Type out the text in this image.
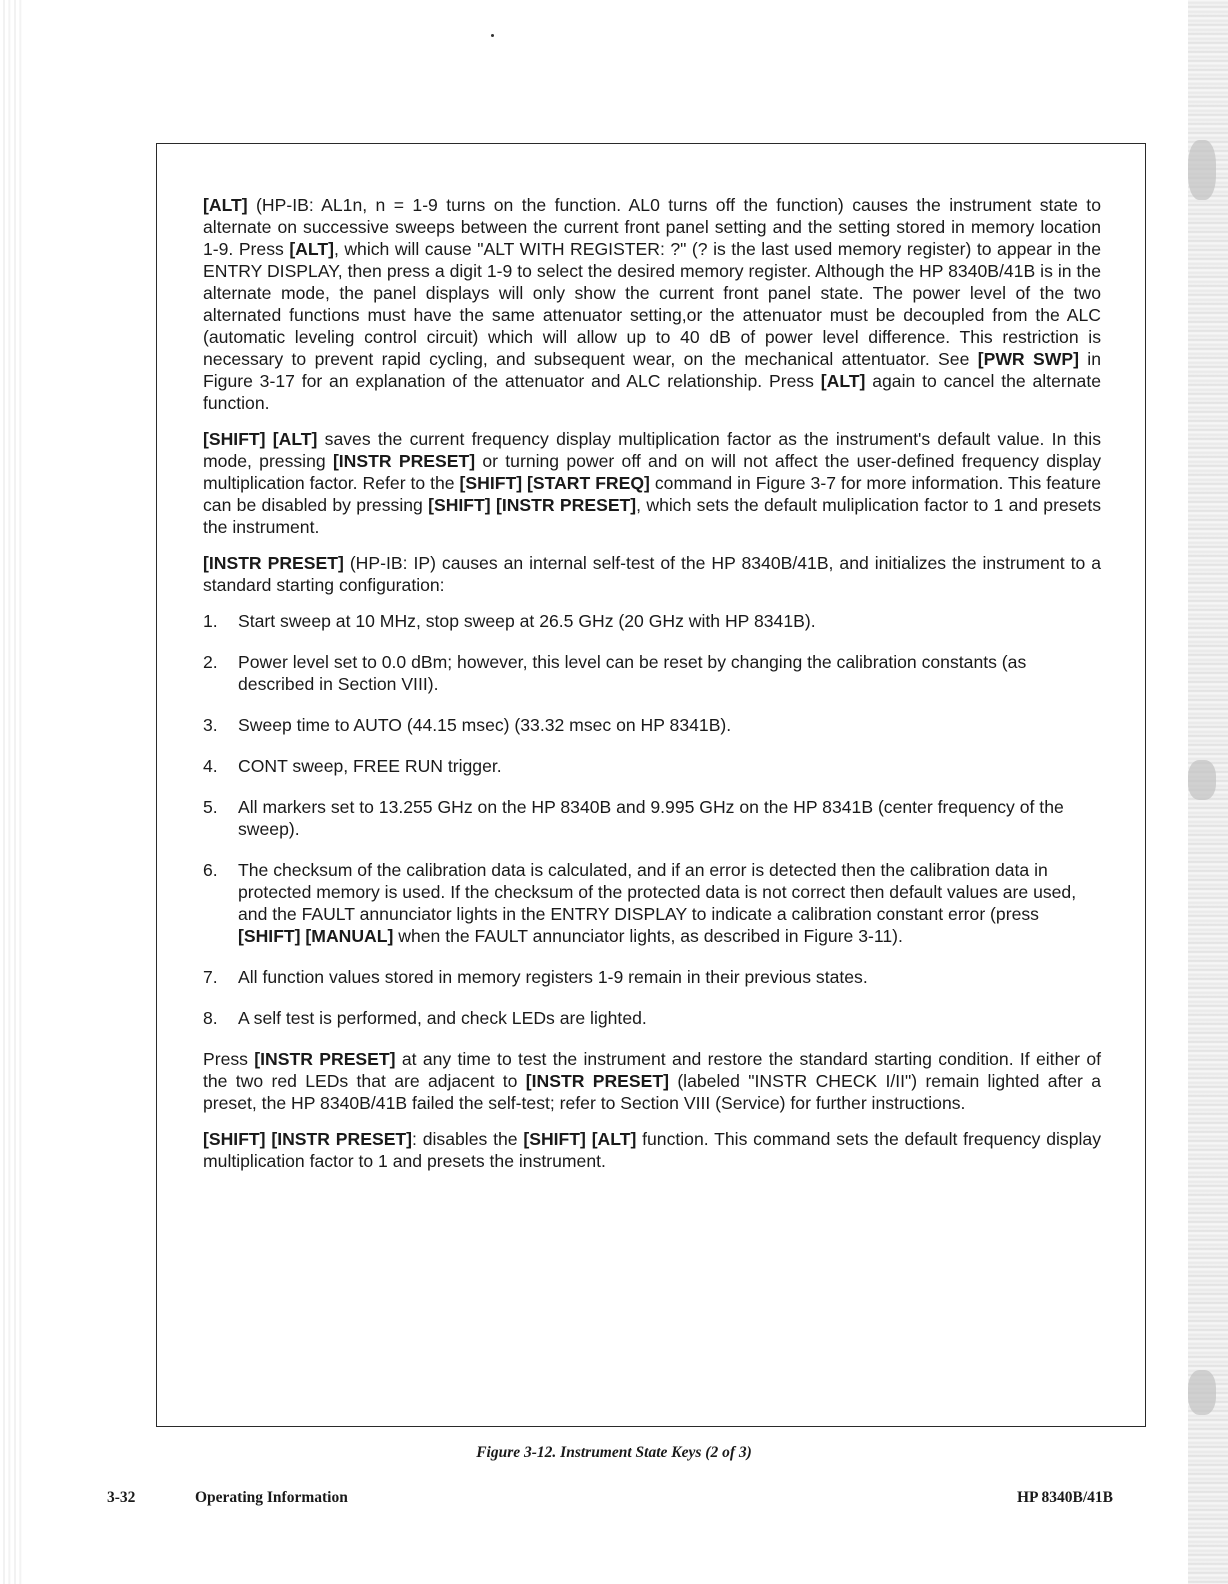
[ALT] (HP-IB: AL1n, n = 1-9 turns on the function. AL0 turns off the function) causes the instrument state to alternate on successive sweeps between the current front panel setting and the setting stored in memory location 1-9. Press [ALT], which will cause "ALT WITH REGISTER: ?" (? is the last used memory register) to appear in the ENTRY DISPLAY, then press a digit 1-9 to select the desired memory register. Although the HP 8340B/41B is in the alternate mode, the panel displays will only show the current front panel state. The power level of the two alternated functions must have the same attenuator setting,or the attenuator must be decoupled from the ALC (automatic leveling control circuit) which will allow up to 40 dB of power level difference. This restriction is necessary to prevent rapid cycling, and subsequent wear, on the mechanical attentuator. See [PWR SWP] in Figure 3-17 for an explanation of the attenuator and ALC relationship. Press [ALT] again to cancel the alternate function.

[SHIFT] [ALT] saves the current frequency display multiplication factor as the instrument's default value. In this mode, pressing [INSTR PRESET] or turning power off and on will not affect the user-defined frequency display multiplication factor. Refer to the [SHIFT] [START FREQ] command in Figure 3-7 for more information. This feature can be disabled by pressing [SHIFT] [INSTR PRESET], which sets the default muliplication factor to 1 and presets the instrument.

[INSTR PRESET] (HP-IB: IP) causes an internal self-test of the HP 8340B/41B, and initializes the instrument to a standard starting configuration:

1. Start sweep at 10 MHz, stop sweep at 26.5 GHz (20 GHz with HP 8341B).
2. Power level set to 0.0 dBm; however, this level can be reset by changing the calibration constants (as described in Section VIII).
3. Sweep time to AUTO (44.15 msec) (33.32 msec on HP 8341B).
4. CONT sweep, FREE RUN trigger.
5. All markers set to 13.255 GHz on the HP 8340B and 9.995 GHz on the HP 8341B (center frequency of the sweep).
6. The checksum of the calibration data is calculated, and if an error is detected then the calibration data in protected memory is used. If the checksum of the protected data is not correct then default values are used, and the FAULT annunciator lights in the ENTRY DISPLAY to indicate a calibration constant error (press [SHIFT] [MANUAL] when the FAULT annunciator lights, as described in Figure 3-11).
7. All function values stored in memory registers 1-9 remain in their previous states.
8. A self test is performed, and check LEDs are lighted.

Press [INSTR PRESET] at any time to test the instrument and restore the standard starting condition. If either of the two red LEDs that are adjacent to [INSTR PRESET] (labeled "INSTR CHECK I/II") remain lighted after a preset, the HP 8340B/41B failed the self-test; refer to Section VIII (Service) for further instructions.

[SHIFT] [INSTR PRESET]: disables the [SHIFT] [ALT] function. This command sets the default frequency display multiplication factor to 1 and presets the instrument.

Figure 3-12. Instrument State Keys (2 of 3)
3-32	Operating Information	HP 8340B/41B
